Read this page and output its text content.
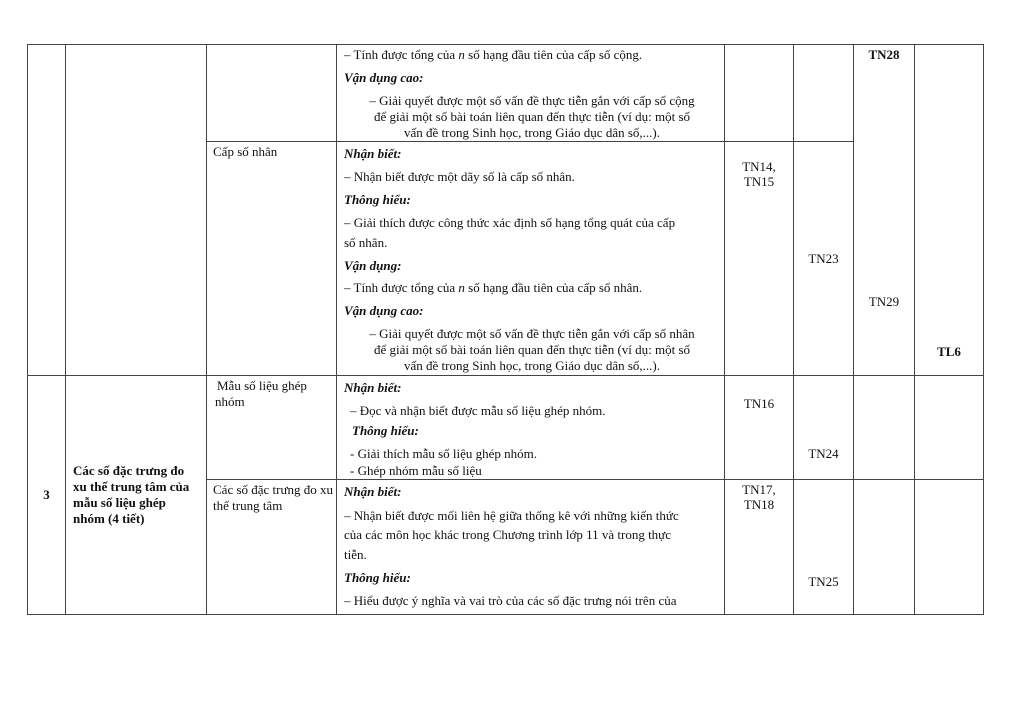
– Tính được tổng của n số hạng đầu tiên của cấp số cộng.
Vận dụng cao:
– Giải quyết được một số vấn đề thực tiễn gắn với cấp số cộng
để giải một số bài toán liên quan đến thực tiễn (ví dụ: một số
vấn đề trong Sinh học, trong Giáo dục dân số,...).
TN28
TN29
TL6
Cấp số nhân	Nhận biết:
– Nhận biết được một dãy số là cấp số nhân.
Thông hiểu:
– Giải thích được công thức xác định số hạng tổng quát của cấp
số nhân.
Vận dụng:
– Tính được tổng của n số hạng đầu tiên của cấp số nhân.
Vận dụng cao:
– Giải quyết được một số vấn đề thực tiễn gắn với cấp số nhân
để giải một số bài toán liên quan đến thực tiễn (ví dụ: một số
vấn đề trong Sinh học, trong Giáo dục dân số,...).
TN14,
TN15
TN23
3
Các số đặc trưng đo xu thế trung tâm của mẫu số liệu ghép nhóm (4 tiết)
Mẫu số liệu ghép nhóm
Nhận biết:
– Đọc và nhận biết được mẫu số liệu ghép nhóm.
Thông hiểu:
- Giải thích mẫu số liệu ghép nhóm.
- Ghép nhóm mẫu số liệu
TN16
TN24
Các số đặc trưng đo xu thế trung tâm
Nhận biết:
– Nhận biết được mối liên hệ giữa thống kê với những kiến thức
của các môn học khác trong Chương trình lớp 11 và trong thực
tiễn.
Thông hiểu:
– Hiểu được ý nghĩa và vai trò của các số đặc trưng nói trên của
TN17,
TN18
TN25
